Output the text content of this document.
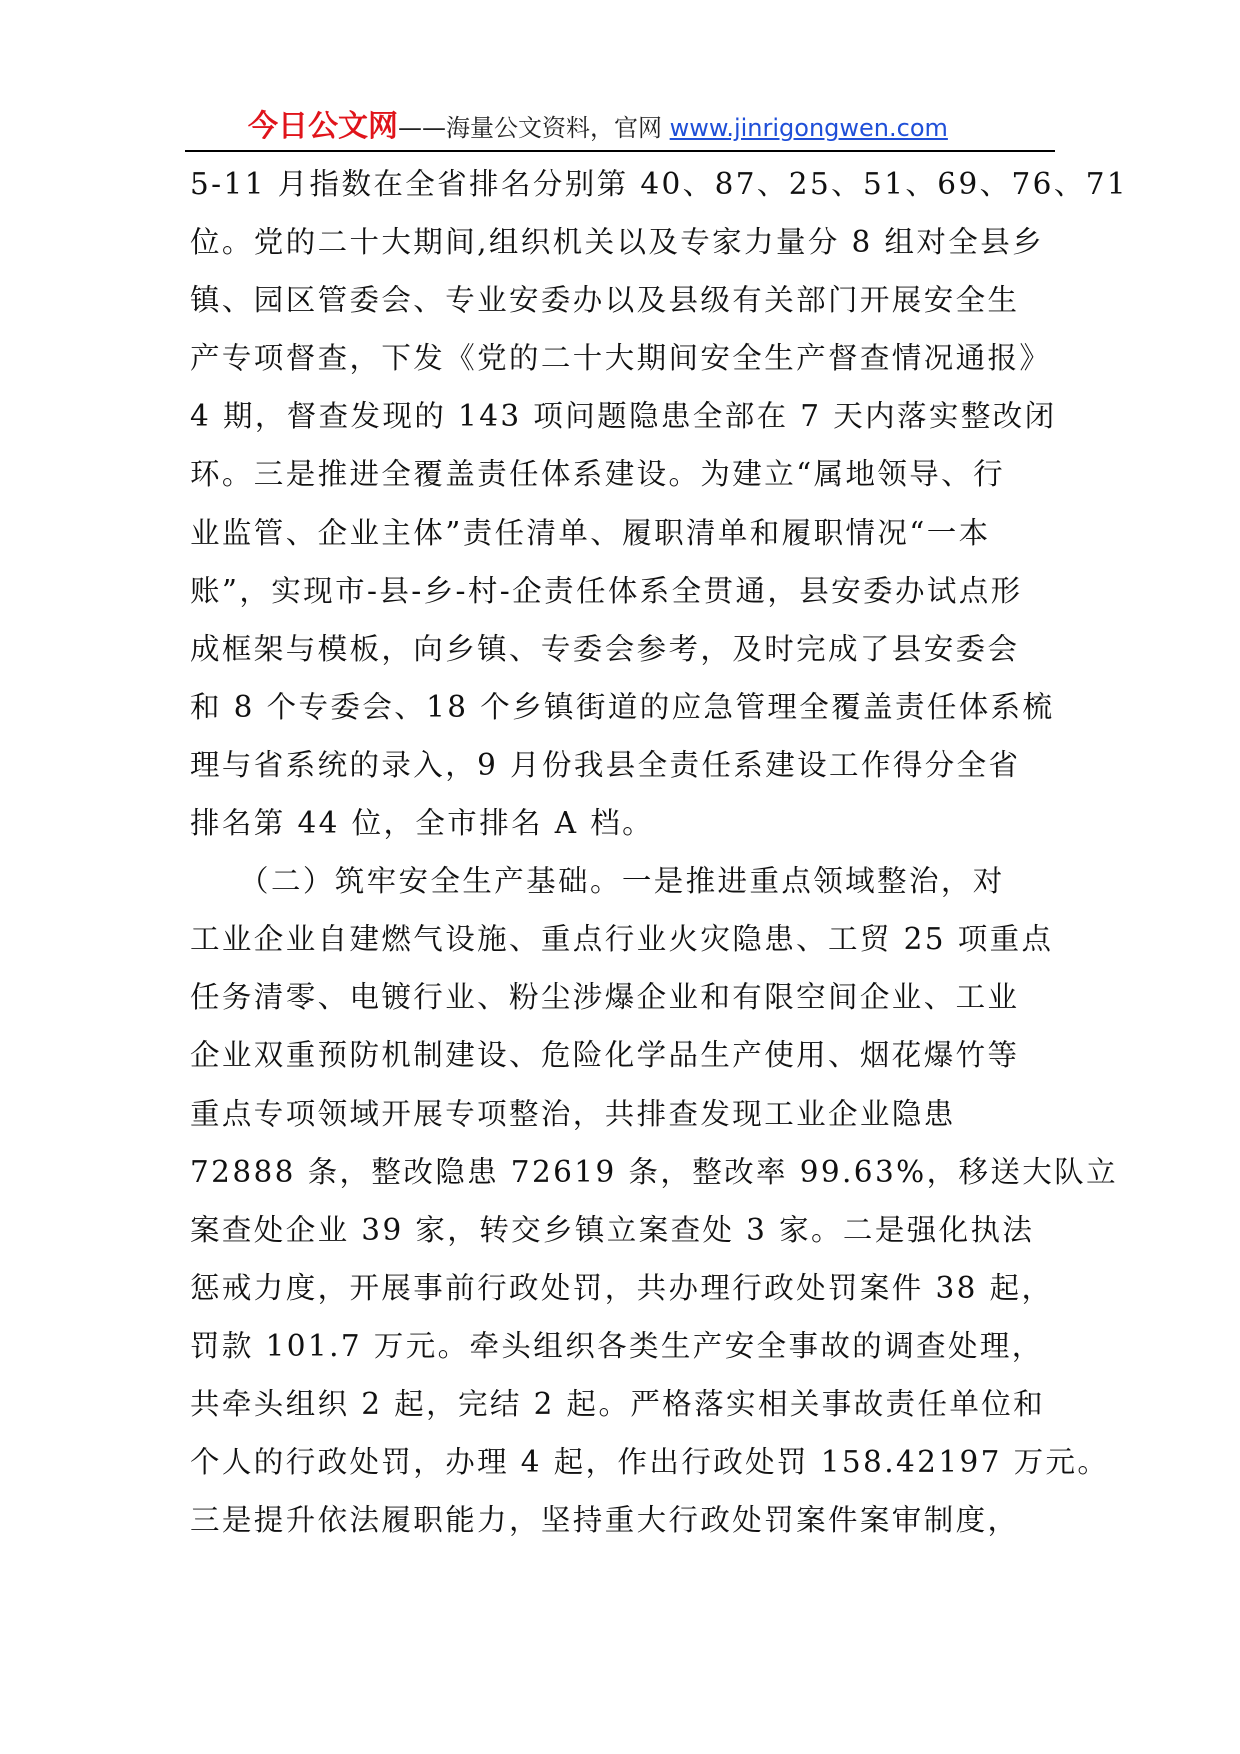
今日公文网——海量公文资料，官网 www.jinrigongwen.com
5-11 月指数在全省排名分别第 40、87、25、51、69、76、71
位。党的二十大期间,组织机关以及专家力量分 8 组对全县乡
镇、园区管委会、专业安委办以及县级有关部门开展安全生
产专项督查，下发《党的二十大期间安全生产督查情况通报》
4 期，督查发现的 143 项问题隐患全部在 7 天内落实整改闭
环。三是推进全覆盖责任体系建设。为建立“属地领导、行
业监管、企业主体”责任清单、履职清单和履职情况“一本
账”，实现市-县-乡-村-企责任体系全贯通，县安委办试点形
成框架与模板，向乡镇、专委会参考，及时完成了县安委会
和 8 个专委会、18 个乡镇街道的应急管理全覆盖责任体系梳
理与省系统的录入，9 月份我县全责任系建设工作得分全省
排名第 44 位，全市排名 A 档。
　　（二）筑牢安全生产基础。一是推进重点领域整治，对
工业企业自建燃气设施、重点行业火灾隐患、工贸 25 项重点
任务清零、电镀行业、粉尘涉爆企业和有限空间企业、工业
企业双重预防机制建设、危险化学品生产使用、烟花爆竹等
重点专项领域开展专项整治，共排查发现工业企业隐患
72888 条，整改隐患 72619 条，整改率 99.63%，移送大队立
案查处企业 39 家，转交乡镇立案查处 3 家。二是强化执法
惩戒力度，开展事前行政处罚，共办理行政处罚案件 38 起，
罚款 101.7 万元。牵头组织各类生产安全事故的调查处理，
共牵头组织 2 起，完结 2 起。严格落实相关事故责任单位和
个人的行政处罚，办理 4 起，作出行政处罚 158.42197 万元。
三是提升依法履职能力，坚持重大行政处罚案件案审制度，
